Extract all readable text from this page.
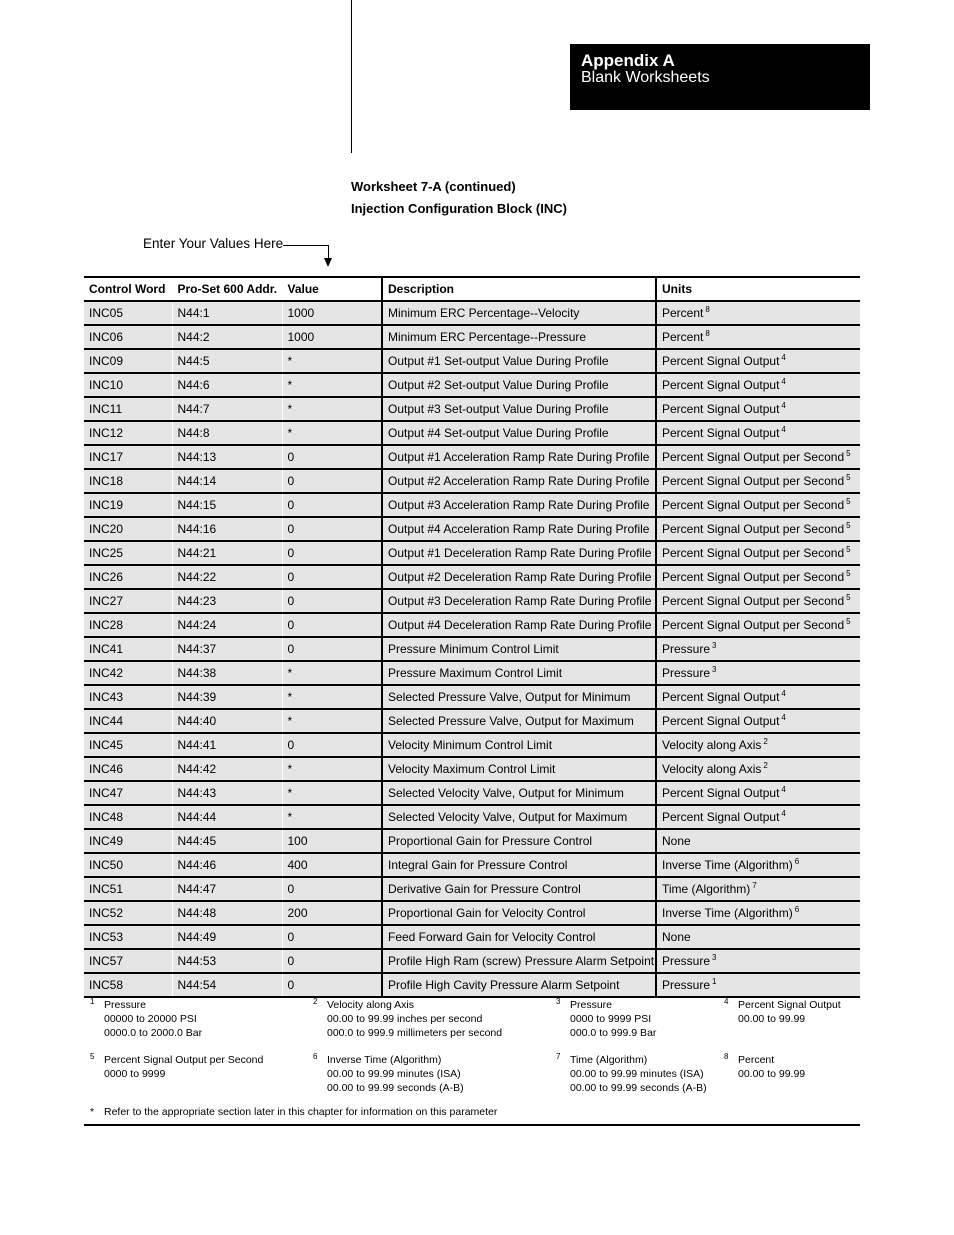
Appendix A
Blank Worksheets
Worksheet 7-A (continued)
Injection Configuration Block (INC)
Enter Your Values Here
Control Word	Pro-Set 600 Addr.	Value	Description	Units
INC05	N44:1	1000	Minimum ERC Percentage--Velocity	Percent $^8$
INC06	N44:2	1000	Minimum ERC Percentage--Pressure	Percent $^8$
INC09	N44:5	*	Output #1 Set-output Value During Profile	Percent Signal Output $^4$
INC10	N44:6	*	Output #2 Set-output Value During Profile	Percent Signal Output $^4$
INC11	N44:7	*	Output #3 Set-output Value During Profile	Percent Signal Output $^4$
INC12	N44:8	*	Output #4 Set-output Value During Profile	Percent Signal Output $^4$
INC17	N44:13	0	Output #1 Acceleration Ramp Rate During Profile	Percent Signal Output per Second $^5$
INC18	N44:14	0	Output #2 Acceleration Ramp Rate During Profile	Percent Signal Output per Second $^5$
INC19	N44:15	0	Output #3 Acceleration Ramp Rate During Profile	Percent Signal Output per Second $^5$
INC20	N44:16	0	Output #4 Acceleration Ramp Rate During Profile	Percent Signal Output per Second $^5$
INC25	N44:21	0	Output #1 Deceleration Ramp Rate During Profile	Percent Signal Output per Second $^5$
INC26	N44:22	0	Output #2 Deceleration Ramp Rate During Profile	Percent Signal Output per Second $^5$
INC27	N44:23	0	Output #3 Deceleration Ramp Rate During Profile	Percent Signal Output per Second $^5$
INC28	N44:24	0	Output #4 Deceleration Ramp Rate During Profile	Percent Signal Output per Second $^5$
INC41	N44:37	0	Pressure Minimum Control Limit	Pressure $^3$
INC42	N44:38	*	Pressure Maximum Control Limit	Pressure $^3$
INC43	N44:39	*	Selected Pressure Valve, Output for Minimum	Percent Signal Output $^4$
INC44	N44:40	*	Selected Pressure Valve, Output for Maximum	Percent Signal Output $^4$
INC45	N44:41	0	Velocity Minimum Control Limit	Velocity along Axis $^2$
INC46	N44:42	*	Velocity Maximum Control Limit	Velocity along Axis $^2$
INC47	N44:43	*	Selected Velocity Valve, Output for Minimum	Percent Signal Output $^4$
INC48	N44:44	*	Selected Velocity Valve, Output for Maximum	Percent Signal Output $^4$
INC49	N44:45	100	Proportional Gain for Pressure Control	None
INC50	N44:46	400	Integral Gain for Pressure Control	Inverse Time (Algorithm) $^6$
INC51	N44:47	0	Derivative Gain for Pressure Control	Time (Algorithm) $^7$
INC52	N44:48	200	Proportional Gain for Velocity Control	Inverse Time (Algorithm) $^6$
INC53	N44:49	0	Feed Forward Gain for Velocity Control	None
INC57	N44:53	0	Profile High Ram (screw) Pressure Alarm Setpoint	Pressure $^3$
INC58	N44:54	0	Profile High Cavity Pressure Alarm Setpoint	Pressure $^1$
1 Pressure
00000 to 20000 PSI
0000.0 to 2000.0 Bar
2 Velocity along Axis
00.00 to 99.99 inches per second
000.0 to 999.9 millimeters per second
3 Pressure
0000 to 9999 PSI
000.0 to 999.9 Bar
4 Percent Signal Output
00.00 to 99.99
5 Percent Signal Output per Second
0000 to 9999
6 Inverse Time (Algorithm)
00.00 to 99.99 minutes (ISA)
00.00 to 99.99 seconds (A-B)
7 Time (Algorithm)
00.00 to 99.99 minutes (ISA)
00.00 to 99.99 seconds (A-B)
8 Percent
00.00 to 99.99
* Refer to the appropriate section later in this chapter for information on this parameter
